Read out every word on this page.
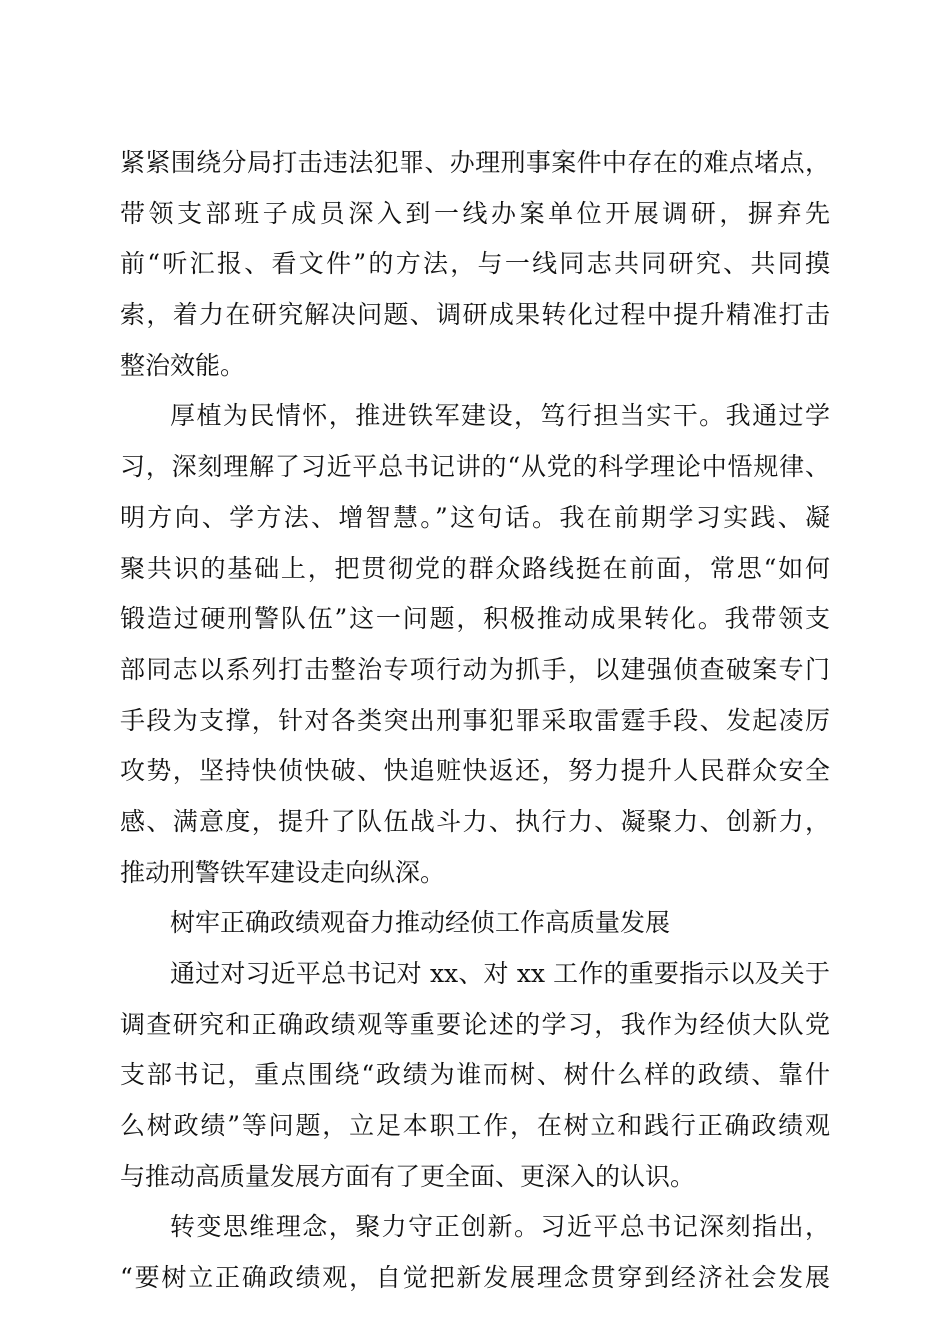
紧紧围绕分局打击违法犯罪、办理刑事案件中存在的难点堵点，
带领支部班子成员深入到一线办案单位开展调研，摒弃先
前“听汇报、看文件”的方法，与一线同志共同研究、共同摸
索，着力在研究解决问题、调研成果转化过程中提升精准打击
整治效能。
厚植为民情怀，推进铁军建设，笃行担当实干。我通过学
习，深刻理解了习近平总书记讲的“从党的科学理论中悟规律、
明方向、学方法、增智慧。”这句话。我在前期学习实践、凝
聚共识的基础上，把贯彻党的群众路线挺在前面，常思“如何
锻造过硬刑警队伍”这一问题，积极推动成果转化。我带领支
部同志以系列打击整治专项行动为抓手，以建强侦查破案专门
手段为支撑，针对各类突出刑事犯罪采取雷霆手段、发起凌厉
攻势，坚持快侦快破、快追赃快返还，努力提升人民群众安全
感、满意度，提升了队伍战斗力、执行力、凝聚力、创新力，
推动刑警铁军建设走向纵深。
树牢正确政绩观奋力推动经侦工作高质量发展
通过对习近平总书记对 xx、对 xx 工作的重要指示以及关于
调查研究和正确政绩观等重要论述的学习，我作为经侦大队党
支部书记，重点围绕“政绩为谁而树、树什么样的政绩、靠什
么树政绩”等问题，立足本职工作，在树立和践行正确政绩观
与推动高质量发展方面有了更全面、更深入的认识。
转变思维理念，聚力守正创新。习近平总书记深刻指出，
“要树立正确政绩观，自觉把新发展理念贯穿到经济社会发展
